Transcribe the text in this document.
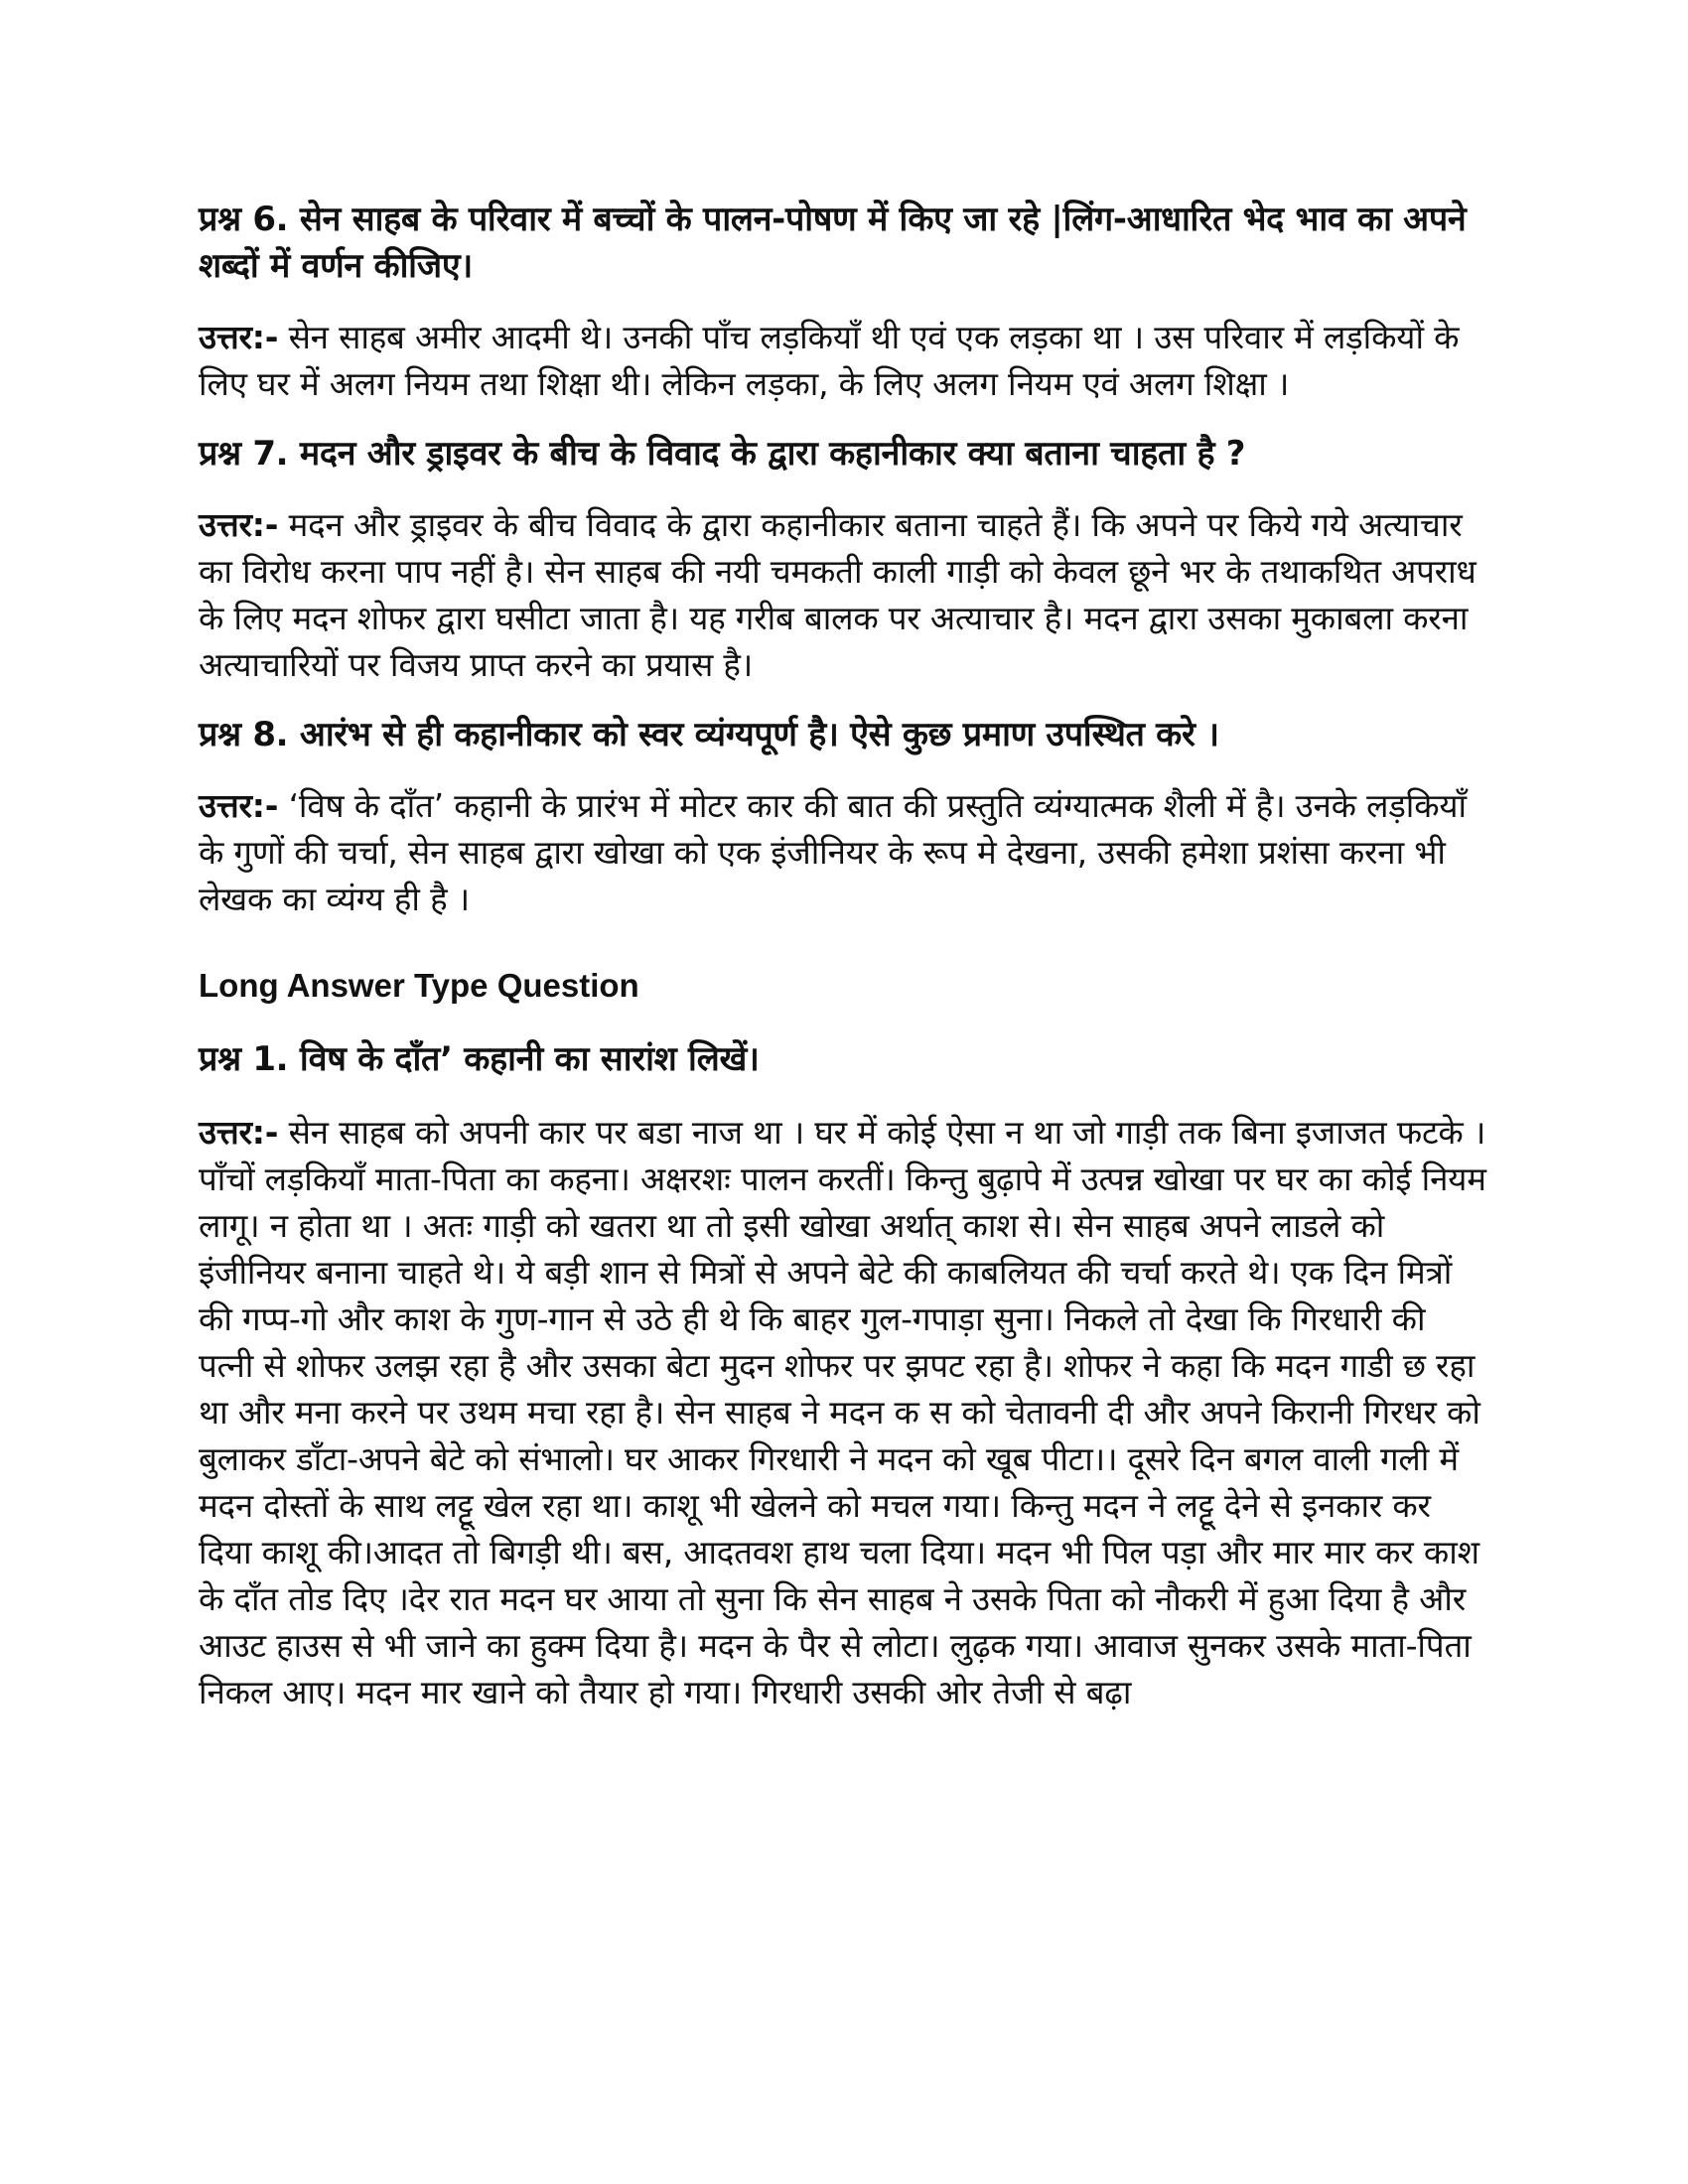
प्रश्न 6. सेन साहब के परिवार में बच्चों के पालन-पोषण में किए जा रहे |लिंग-आधारित भेद भाव का अपने शब्दों में वर्णन कीजिए।

उत्तर:- सेन साहब अमीर आदमी थे। उनकी पाँच लड़कियाँ थी एवं एक लड़का था । उस परिवार में लड़कियों के लिए घर में अलग नियम तथा शिक्षा थी। लेकिन लड़का, के लिए अलग नियम एवं अलग शिक्षा ।

प्रश्न 7. मदन और ड्राइवर के बीच के विवाद के द्वारा कहानीकार क्या बताना चाहता है ?

उत्तर:- मदन और ड्राइवर के बीच विवाद के द्वारा कहानीकार बताना चाहते हैं। कि अपने पर किये गये अत्याचार का विरोध करना पाप नहीं है। सेन साहब की नयी चमकती काली गाड़ी को केवल छूने भर के तथाकथित अपराध के लिए मदन शोफर द्वारा घसीटा जाता है। यह गरीब बालक पर अत्याचार है। मदन द्वारा उसका मुकाबला करना अत्याचारियों पर विजय प्राप्त करने का प्रयास है।

प्रश्न 8. आरंभ से ही कहानीकार को स्वर व्यंग्यपूर्ण है। ऐसे कुछ प्रमाण उपस्थित करे ।

उत्तर:- ‘विष के दाँत’ कहानी के प्रारंभ में मोटर कार की बात की प्रस्तुति व्यंग्यात्मक शैली में है। उनके लड़कियाँ के गुणों की चर्चा, सेन साहब द्वारा खोखा को एक इंजीनियर के रूप मे देखना, उसकी हमेशा प्रशंसा करना भी लेखक का व्यंग्य ही है ।

Long Answer Type Question

प्रश्न 1. विष के दाँत’ कहानी का सारांश लिखें।

उत्तर:- सेन साहब को अपनी कार पर बडा नाज था । घर में कोई ऐसा न था जो गाड़ी तक बिना इजाजत फटके । पाँचों लड़कियाँ माता-पिता का कहना। अक्षरशः पालन करतीं। किन्तु बुढ़ापे में उत्पन्न खोखा पर घर का कोई नियम लागू। न होता था । अतः गाड़ी को खतरा था तो इसी खोखा अर्थात् काश से। सेन साहब अपने लाडले को इंजीनियर बनाना चाहते थे। ये बड़ी शान से मित्रों से अपने बेटे की काबलियत की चर्चा करते थे। एक दिन मित्रों की गप्प-गो और काश के गुण-गान से उठे ही थे कि बाहर गुल-गपाड़ा सुना। निकले तो देखा कि गिरधारी की पत्नी से शोफर उलझ रहा है और उसका बेटा मुदन शोफर पर झपट रहा है। शोफर ने कहा कि मदन गाडी छ रहा था और मना करने पर उथम मचा रहा है। सेन साहब ने मदन क स को चेतावनी दी और अपने किरानी गिरधर को बुलाकर डाँटा-अपने बेटे को संभालो। घर आकर गिरधारी ने मदन को खूब पीटा।। दूसरे दिन बगल वाली गली में मदन दोस्तों के साथ लट्टू खेल रहा था। काशू भी खेलने को मचल गया। किन्तु मदन ने लट्टू देने से इनकार कर दिया काशू की।आदत तो बिगड़ी थी। बस, आदतवश हाथ चला दिया। मदन भी पिल पड़ा और मार मार कर काश के दाँत तोड दिए ।देर रात मदन घर आया तो सुना कि सेन साहब ने उसके पिता को नौकरी में हुआ दिया है और आउट हाउस से भी जाने का हुक्म दिया है। मदन के पैर से लोटा। लुढ़क गया। आवाज सुनकर उसके माता-पिता निकल आए। मदन मार खाने को तैयार हो गया। गिरधारी उसकी ओर तेजी से बढ़ा
